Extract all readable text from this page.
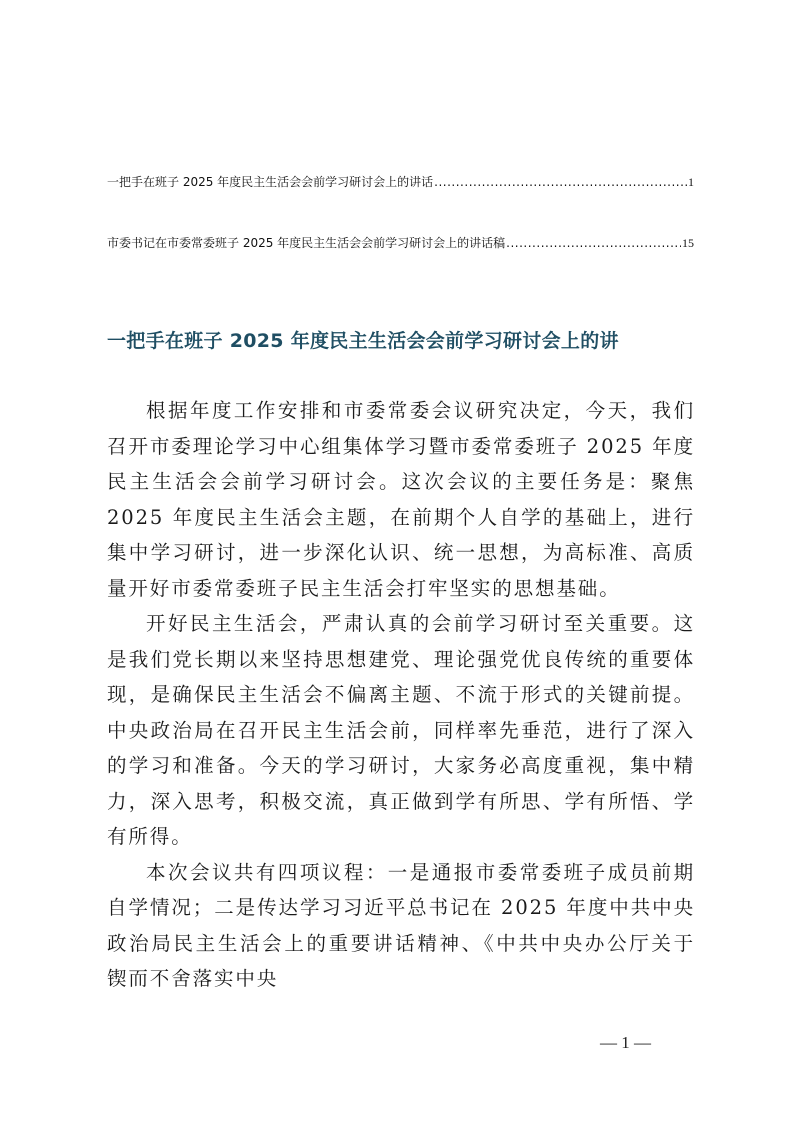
一把手在班子 2025 年度民主生活会会前学习研讨会上的讲话 .....	1
市委书记在市委常委班子 2025 年度民主生活会会前学习研讨会上的讲话稿 .....	15
一把手在班子 2025 年度民主生活会会前学习研讨会上的讲

根据年度工作安排和市委常委会议研究决定，今天，我们召开市委理论学习中心组集体学习暨市委常委班子 2025 年度民主生活会会前学习研讨会。这次会议的主要任务是：聚焦 2025 年度民主生活会主题，在前期个人自学的基础上，进行集中学习研讨，进一步深化认识、统一思想，为高标准、高质量开好市委常委班子民主生活会打牢坚实的思想基础。

开好民主生活会，严肃认真的会前学习研讨至关重要。这是我们党长期以来坚持思想建党、理论强党优良传统的重要体现，是确保民主生活会不偏离主题、不流于形式的关键前提。中央政治局在召开民主生活会前，同样率先垂范，进行了深入的学习和准备。今天的学习研讨，大家务必高度重视，集中精力，深入思考，积极交流，真正做到学有所思、学有所悟、学有所得。

本次会议共有四项议程：一是通报市委常委班子成员前期自学情况；二是传达学习习近平总书记在 2025 年度中共中央政治局民主生活会上的重要讲话精神、《中共中央办公厅关于锲而不舍落实中央

— 1 —
